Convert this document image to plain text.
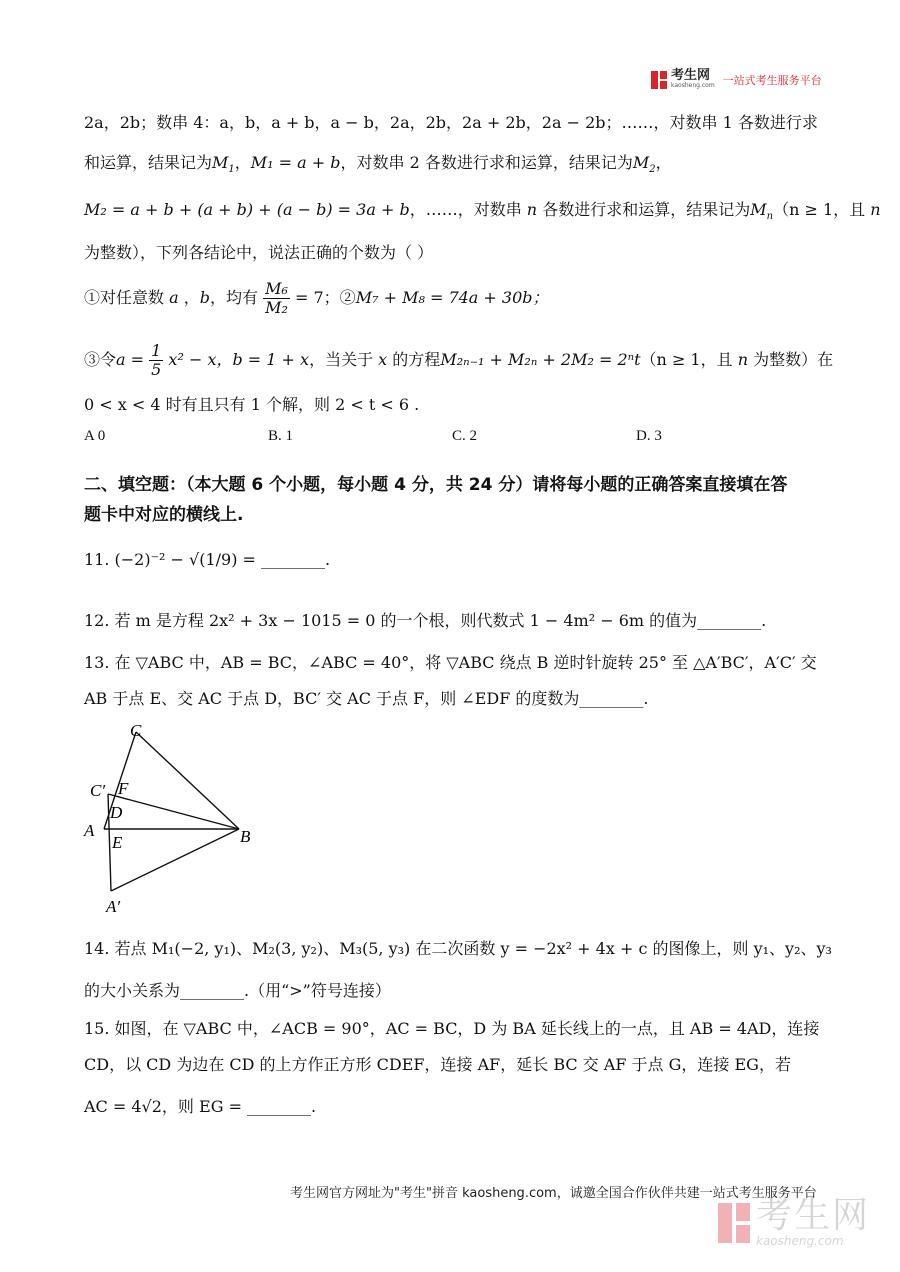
考生网
kaosheng.com 一站式考生服务平台
2a，2b；数串 4：a，b，a + b，a − b，2a，2b，2a + 2b，2a − 2b；……，对数串 1 各数进行求
和运算，结果记为$M_1$，M₁ = a + b，对数串 2 各数进行求和运算，结果记为$M_2$，
M₂ = a + b + (a + b) + (a − b) = 3a + b，……，对数串 n 各数进行求和运算，结果记为$M_n(n \ge 1$，且 n
为整数），下列各结论中，说法正确的个数为（ ）
①对任意数 a ，b，均有 $\frac{\text{M₆}}{\text{M₂}} = 7$；②M₇ + M₈ = 74a + 30b；
③令$a = \frac{1}{5} x^2 - x$，b = 1 + x，当关于 x 的方程M₂ₙ₋₁ + M₂ₙ + 2M₂ = 2ⁿt（n ≥ 1，且 n 为整数）在
0 < x < 4 时有且只有 1 个解，则 2 < t < 6 .
A 0	B. 1	C. 2	D. 3
二、填空题：（本大题 6 个小题，每小题 4 分，共 24 分）请将每小题的正确答案直接填在答
题卡中对应的横线上.
11. (−2)⁻² − √(1/9) = ________.
12. 若 m 是方程 2x² + 3x − 1015 = 0 的一个根，则代数式 1 − 4m² − 6m 的值为________.
13. 在 ▽ABC 中，AB = BC，∠ABC = 40°，将 ▽ABC 绕点 B 逆时针旋转 25° 至 △A′BC′，A′C′ 交
AB 于点 E、交 AC 于点 D，BC′ 交 AC 于点 F，则 ∠EDF 的度数为________.
C
C′ F
D
A
E	B
A′
14. 若点 M₁(−2, y₁)、M₂(3, y₂)、M₃(5, y₃) 在二次函数 y = −2x² + 4x + c 的图像上，则 y₁、y₂、y₃
的大小关系为________.（用“>”符号连接）
15. 如图，在 ▽ABC 中，∠ACB = 90°，AC = BC，D 为 BA 延长线上的一点，且 AB = 4AD，连接
CD，以 CD 为边在 CD 的上方作正方形 CDEF，连接 AF，延长 BC 交 AF 于点 G，连接 EG，若
AC = 4√2，则 EG = ________.
考生网官方网址为"考生"拼音 kaosheng.com，诚邀全国合作伙伴共建一站式考生服务平台
考生网
kaosheng.com
